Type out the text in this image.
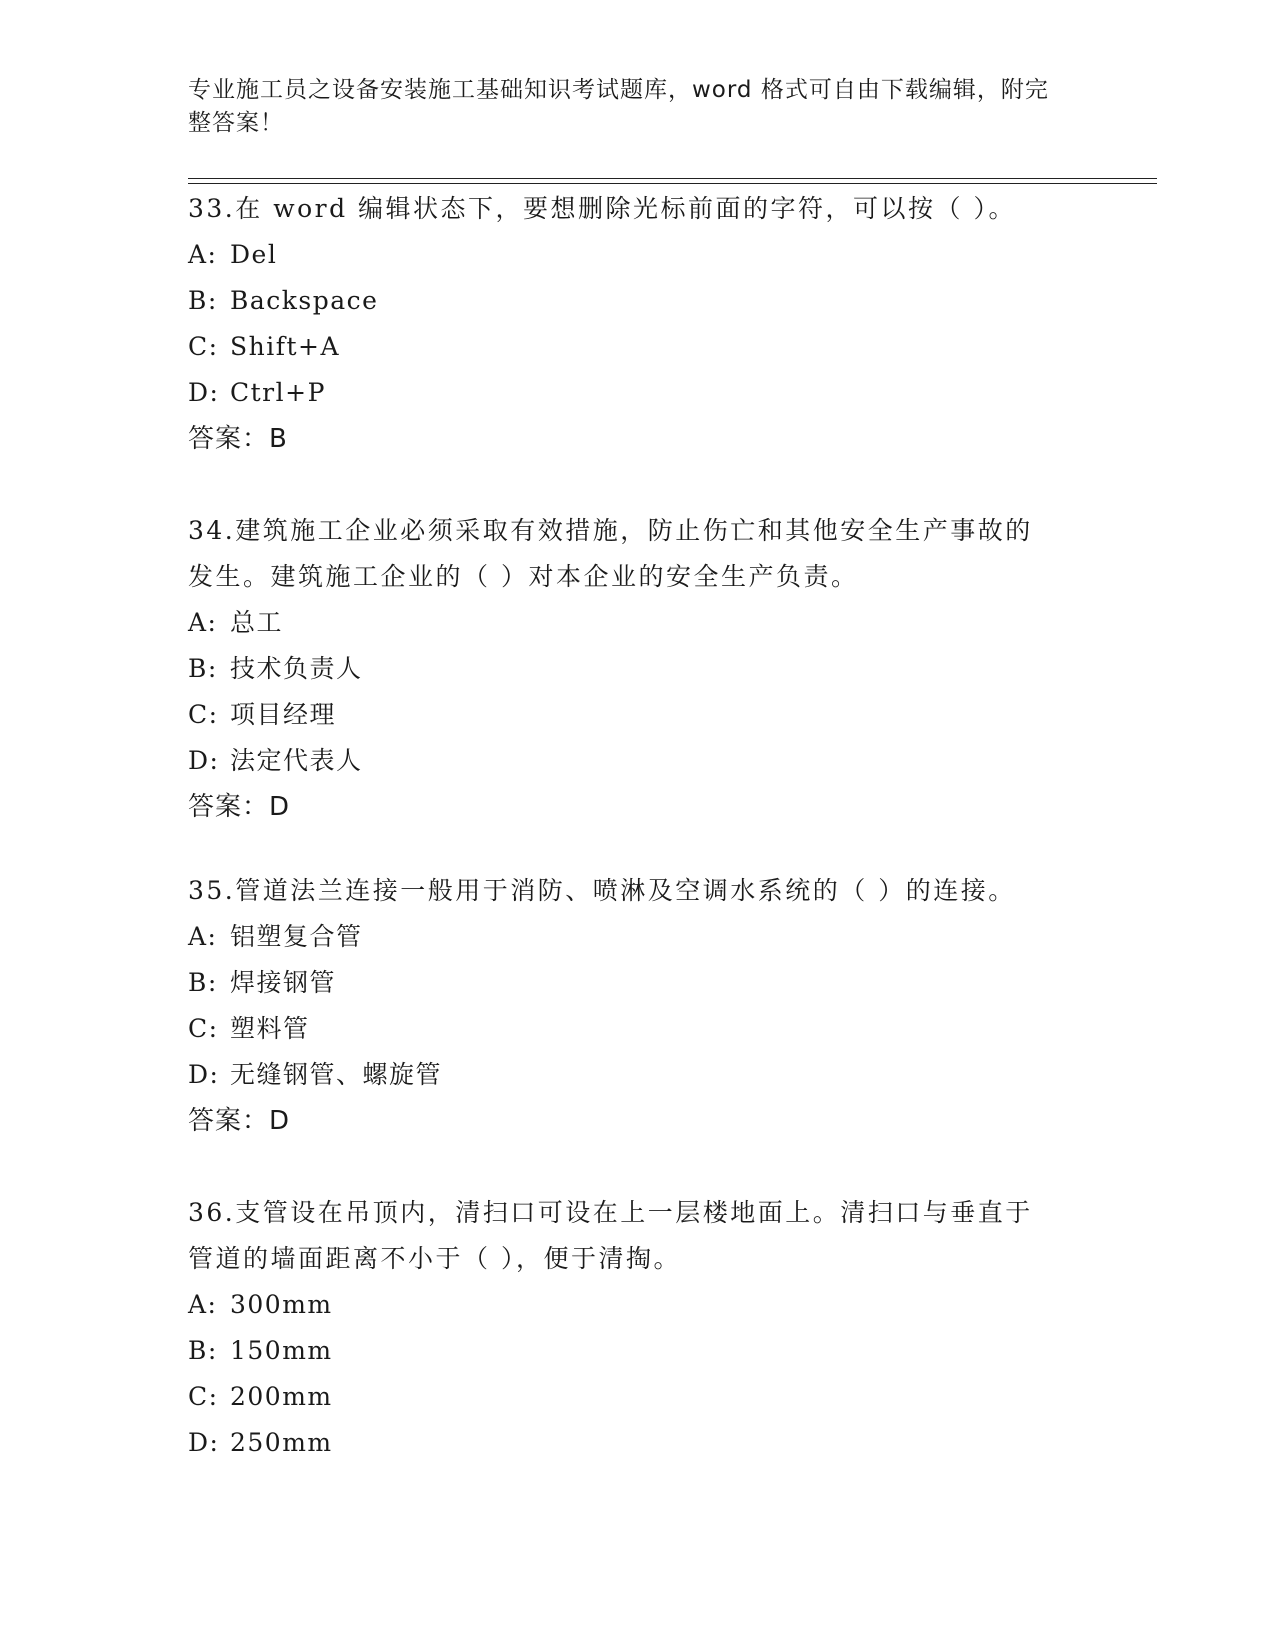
专业施工员之设备安装施工基础知识考试题库，word 格式可自由下载编辑，附完
整答案！
33.在 word 编辑状态下，要想删除光标前面的字符，可以按（ ）。
A: Del
B: Backspace
C: Shift+A
D: Ctrl+P
答案：B
34.建筑施工企业必须采取有效措施，防止伤亡和其他安全生产事故的
发生。建筑施工企业的（ ）对本企业的安全生产负责。
A: 总工
B: 技术负责人
C: 项目经理
D: 法定代表人
答案：D
35.管道法兰连接一般用于消防、喷淋及空调水系统的（ ）的连接。
A: 铝塑复合管
B: 焊接钢管
C: 塑料管
D: 无缝钢管、螺旋管
答案：D
36.支管设在吊顶内，清扫口可设在上一层楼地面上。清扫口与垂直于
管道的墙面距离不小于（ ），便于清掏。
A: 300mm
B: 150mm
C: 200mm
D: 250mm
